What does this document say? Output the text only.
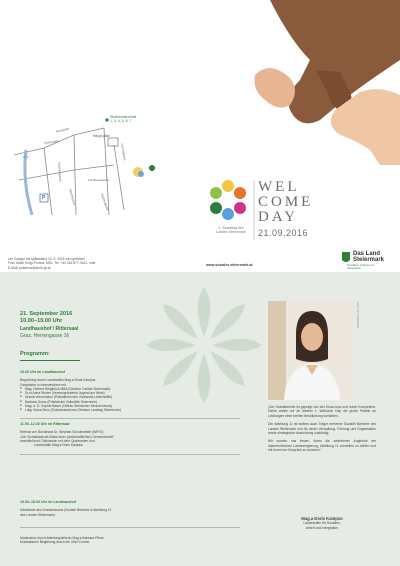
Straßenbahnlinie
1, 3, 4, 5, 6, 7
Haupt-platz
Mur
P
Murgasse
Herrengasse
Sackstraße
Schmiedgasse	Landhausgasse
Raubergasse
Neutorgasse
WEL
COME
DAY
21.09.2016
1. Sozialtag des
Landes Steiermark
Um Zusage bis spätestens 14. 9. 2016 wird gebeten!
Frau Ulrike Kregl-Pomus, MSc, Tel. +43 316 877-3421, oder
E-Mail: poliamus@stmk.gv.at
www.soziales.steiermark.at
Das Land
Steiermark
Soziales, Arbeit und
Integration
21. September 2016
10.00–15.00 Uhr
Landhaushof / Rittersaal
Graz, Herrengasse 16
Programm:
10.00 Uhr im Landhaushof
Begrüßung durch Landesrätin Mag.a Doris Kampus
Gespräche in Interviewform mit:
■ Mag. Herbert Beiglböck-MBA (Direktor Caritas Steiermark)
■ Dr.in Anna Rieder (Vereinsgründerin Jugend am Werk)
■ Ursula Vennemann (Präsidentin des Vorstands Lebenshilfe)
■ Barbara Gross (Präsidentin Volkshilfe Österreich)
■ Mag. a. D. Sophie Bauer (Obfrau Steirischer Seniorenbund)
■ Ldtg. Klaus Zenz (Sozialausschuss-Obmann Landtag Steiermark)
11.00–12.30 Uhr im Rittersaal
Referat von Bundesrat Dr. Stephan Schulmeister (WIFO):
„Der Sozialstaat als Basis einer (wirtschaftlichen) Gemeinschaft“
anschließend: Diskussion mit dem Quadranten und
Landesrätin Mag.a Doris Kampus
10.00–15.00 Uhr im Landhaushof
Infostände des Sozialressorts (Soziale Betriebe & Abteilung 11
des Landes Steiermark)
Moderation durch Abteilungsleiterin Mag.a Barbara Pitner
Musikalische Begleitung durch die JAW-Combo
Foto: Land Steiermark

„Der Sozialbereich ist geprägt von viel Know-how und hoher Kompetenz. Daher wollen wir an diesem 1. Welcome Day die große Palette an Leistungen einer breiten Bevölkerung vorstellen.

Der Abteilung 11 ist weiters auch Träger mehrerer Sozialer Betriebe des Landes Steiermark und für deren Verwaltung, Führung und Organisation sowie strategische Ausrichtung zuständig.

Wir wurden uns freuen, Ihnen die zahlreichen Angebote der österreichischen Landesregierung, Abteilung 11 vorstellen zu dürfen und mit Ihnen ins Gespräch zu kommen.“

Mag.a Doris Kampus
Landesrätin für Soziales,
Arbeit und Integration
